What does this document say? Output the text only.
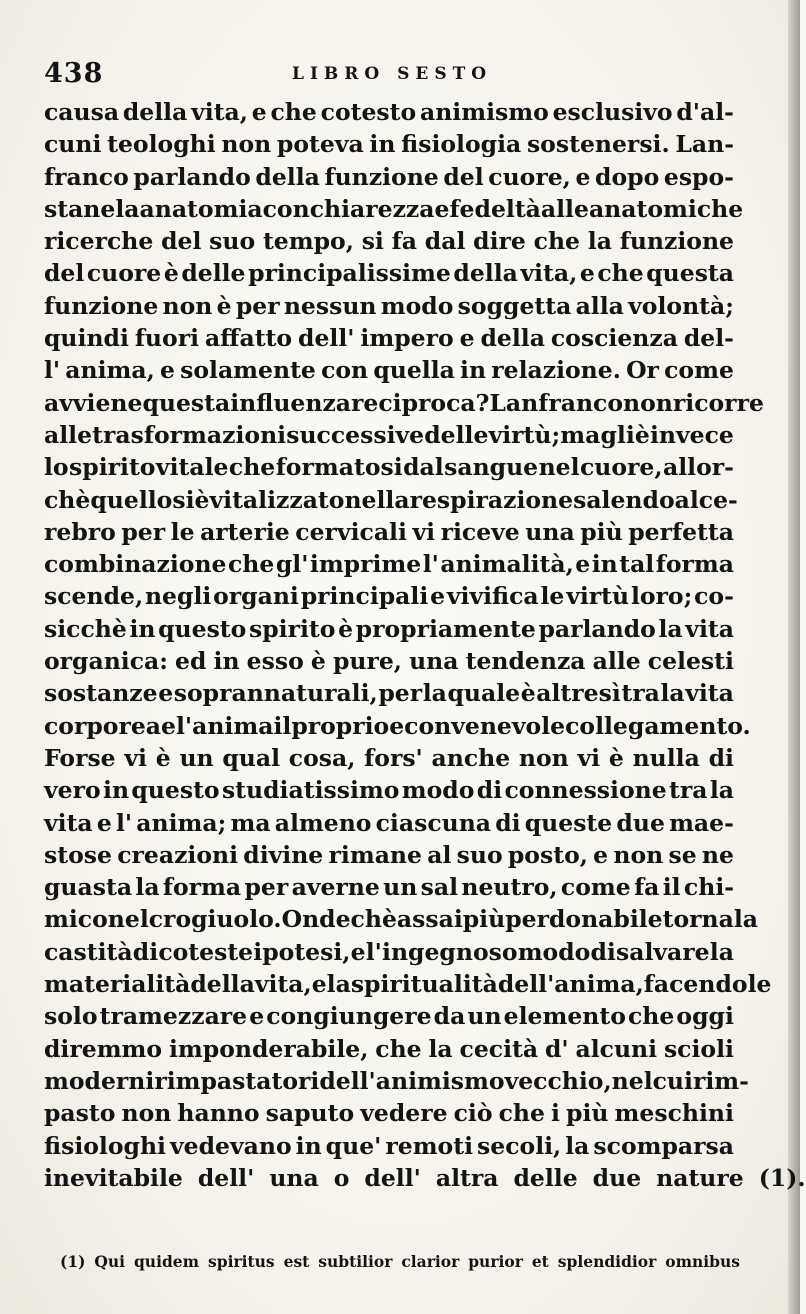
438	LIBRO SESTO
causa della vita, e che cotesto animismo esclusivo d'al-
cuni teologhi non poteva in fisiologia sostenersi. Lan-
franco parlando della funzione del cuore, e dopo espo-
stane la anatomia con chiarezza e fedeltà alle anatomiche
ricerche del suo tempo, si fa dal dire che la funzione
del cuore è delle principalissime della vita, e che questa
funzione non è per nessun modo soggetta alla volontà;
quindi fuori affatto dell' impero e della coscienza del-
l' anima, e solamente con quella in relazione. Or come
avviene questa influenza reciproca? Lanfranco non ricorre
alle trasformazioni successive delle virtù; ma gli è invece
lo spirito vitale che formatosi dal sangue nel cuore, allor-
chè quello si è vitalizzato nella respirazione salendo al ce-
rebro per le arterie cervicali vi riceve una più perfetta
combinazione che gl' imprime l' animalità, e in tal forma
scende, negli organi principali e vivifica le virtù loro; co-
sicchè in questo spirito è propriamente parlando la vita
organica: ed in esso è pure, una tendenza alle celesti
sostanze e soprannaturali, per la quale è altresì tra la vita
corporea e l' anima il proprio e convenevole collegamento.
Forse vi è un qual cosa, fors' anche non vi è nulla di
vero in questo studiatissimo modo di connessione tra la
vita e l' anima; ma almeno ciascuna di queste due mae-
stose creazioni divine rimane al suo posto, e non se ne
guasta la forma per averne un sal neutro, come fa il chi-
mico nel crogiuolo. Ondechè assai più perdonabile torna la
castità di coteste ipotesi, e l' ingegnoso modo di salvare la
materialità della vita, e la spiritualità dell' anima, facendole
solo tramezzare e congiungere da un elemento che oggi
diremmo imponderabile, che la cecità d' alcuni scioli
moderni rimpastatori dell' animismo vecchio, nel cui rim-
pasto non hanno saputo vedere ciò che i più meschini
fisiologhi vedevano in que' remoti secoli, la scomparsa
inevitabile dell' una o dell' altra delle due nature (1).
(1) Qui quidem spiritus est subtilior clarior purior et splendidior omnibus
